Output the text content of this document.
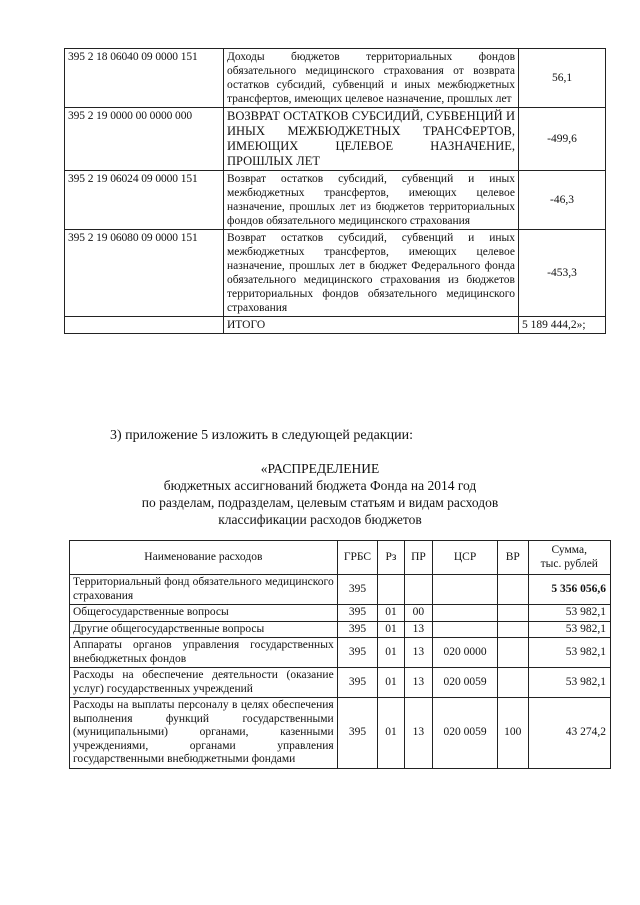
395 2 18 06040 09 0000 151	Доходы бюджетов территориальных фондов обязательного медицинского страхования от возврата остатков субсидий, субвенций и иных межбюджетных трансфертов, имеющих целевое назначение, прошлых лет	56,1
395 2 19 0000 00 0000 000	ВОЗВРАТ ОСТАТКОВ СУБСИДИЙ, СУБВЕНЦИЙ И ИНЫХ МЕЖБЮДЖЕТНЫХ ТРАНСФЕРТОВ, ИМЕЮЩИХ ЦЕЛЕВОЕ НАЗНАЧЕНИЕ, ПРОШЛЫХ ЛЕТ	-499,6
395 2 19 06024 09 0000 151	Возврат остатков субсидий, субвенций и иных межбюджетных трансфертов, имеющих целевое назначение, прошлых лет из бюджетов территориальных фондов обязательного медицинского страхования	-46,3
395 2 19 06080 09 0000 151	Возврат остатков субсидий, субвенций и иных межбюджетных трансфертов, имеющих целевое назначение, прошлых лет в бюджет Федерального фонда обязательного медицинского страхования из бюджетов территориальных фондов обязательного медицинского страхования	-453,3
	ИТОГО	5 189 444,2»;
3) приложение 5 изложить в следующей редакции:
«РАСПРЕДЕЛЕНИЕ
бюджетных ассигнований бюджета Фонда на 2014 год
по разделам, подразделам, целевым статьям и видам расходов
классификации расходов бюджетов
Наименование расходов	ГРБС	Рз	ПР	ЦСР	ВР	Сумма,
тыс. рублей

Территориальный фонд обязательного медицинского страхования	395					5 356 056,6
Общегосударственные вопросы	395	01	00			53 982,1
Другие общегосударственные вопросы	395	01	13			53 982,1
Аппараты органов управления государственных внебюджетных фондов	395	01	13	020 0000		53 982,1
Расходы на обеспечение деятельности (оказание услуг) государственных учреждений	395	01	13	020 0059		53 982,1
Расходы на выплаты персоналу в целях обеспечения выполнения функций государственными (муниципальными) органами, казенными учреждениями, органами управления государственными внебюджетными фондами	395	01	13	020 0059	100	43 274,2
